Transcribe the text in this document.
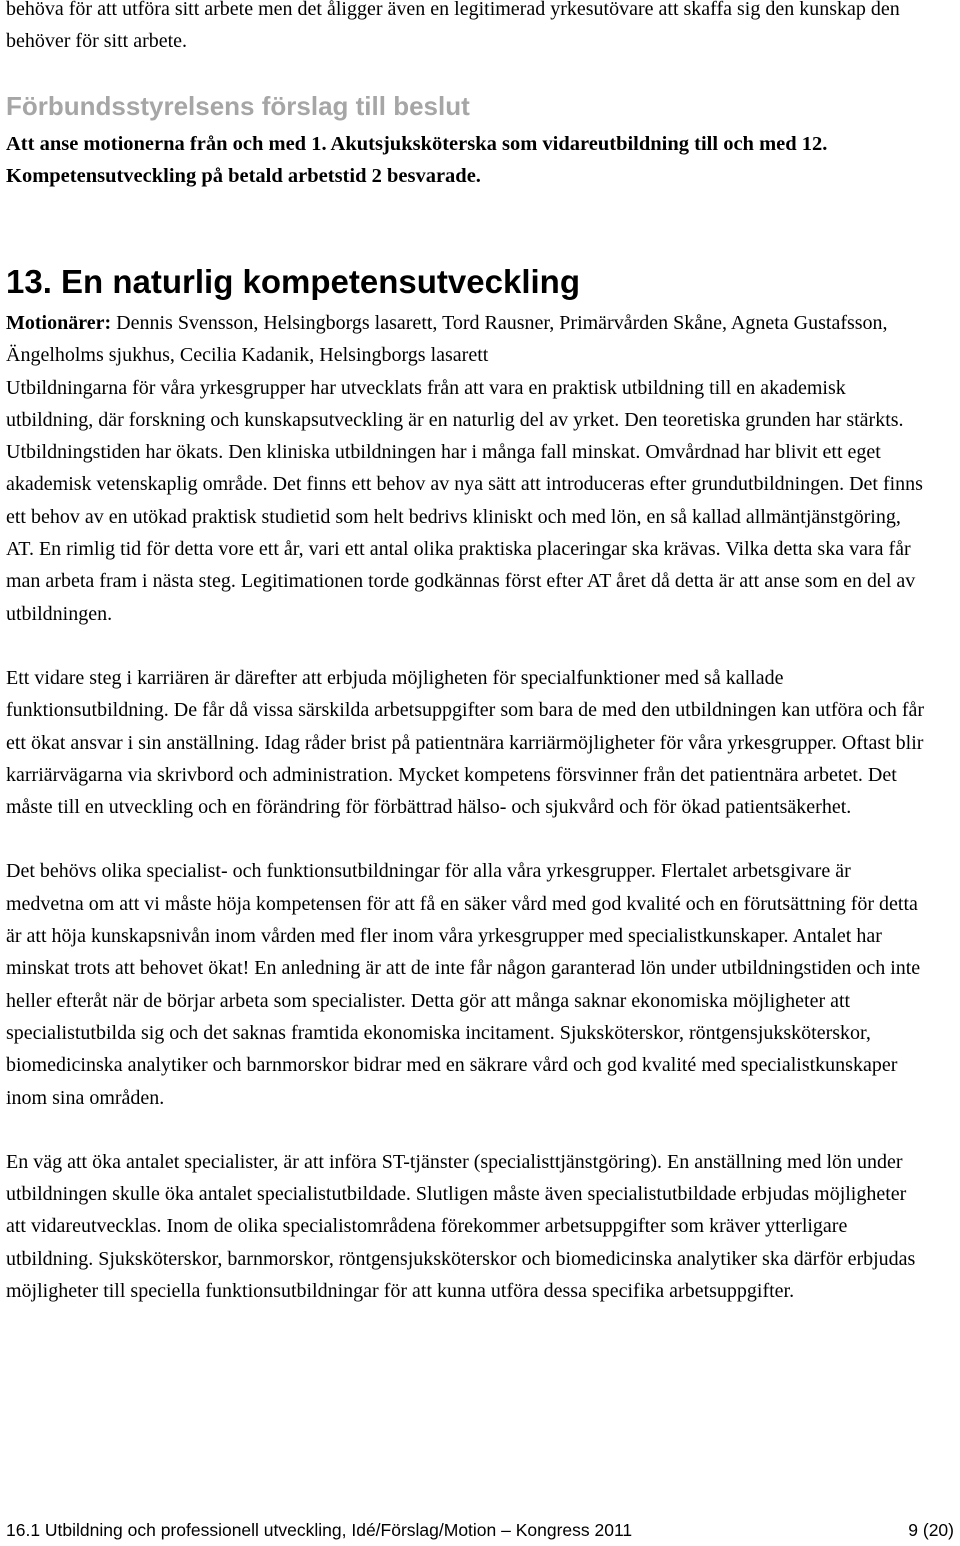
behöva för att utföra sitt arbete men det åligger även en legitimerad yrkesutövare att skaffa sig den kunskap den behöver för sitt arbete.
Förbundsstyrelsens förslag till beslut
Att anse motionerna från och med 1. Akutsjuksköterska som vidareutbildning till och med 12. Kompetensutveckling på betald arbetstid 2 besvarade.
13. En naturlig kompetensutveckling

Motionärer: Dennis Svensson, Helsingborgs lasarett, Tord Rausner, Primärvården Skåne, Agneta Gustafsson, Ängelholms sjukhus, Cecilia Kadanik, Helsingborgs lasarett

Utbildningarna för våra yrkesgrupper har utvecklats från att vara en praktisk utbildning till en akademisk utbildning, där forskning och kunskapsutveckling är en naturlig del av yrket. Den teoretiska grunden har stärkts. Utbildningstiden har ökats. Den kliniska utbildningen har i många fall minskat. Omvårdnad har blivit ett eget akademisk vetenskaplig område. Det finns ett behov av nya sätt att introduceras efter grundutbildningen. Det finns ett behov av en utökad praktisk studietid som helt bedrivs kliniskt och med lön, en så kallad allmäntjänstgöring, AT. En rimlig tid för detta vore ett år, vari ett antal olika praktiska placeringar ska krävas. Vilka detta ska vara får man arbeta fram i nästa steg. Legitimationen torde godkännas först efter AT året då detta är att anse som en del av utbildningen.

Ett vidare steg i karriären är därefter att erbjuda möjligheten för specialfunktioner med så kallade funktionsutbildning. De får då vissa särskilda arbetsuppgifter som bara de med den utbildningen kan utföra och får ett ökat ansvar i sin anställning. Idag råder brist på patientnära karriärmöjligheter för våra yrkesgrupper. Oftast blir karriärvägarna via skrivbord och administration. Mycket kompetens försvinner från det patientnära arbetet. Det måste till en utveckling och en förändring för förbättrad hälso- och sjukvård och för ökad patientsäkerhet.

Det behövs olika specialist- och funktionsutbildningar för alla våra yrkesgrupper. Flertalet arbetsgivare är medvetna om att vi måste höja kompetensen för att få en säker vård med god kvalité och en förutsättning för detta är att höja kunskapsnivån inom vården med fler inom våra yrkesgrupper med specialistkunskaper. Antalet har minskat trots att behovet ökat! En anledning är att de inte får någon garanterad lön under utbildningstiden och inte heller efteråt när de börjar arbeta som specialister. Detta gör att många saknar ekonomiska möjligheter att specialistutbilda sig och det saknas framtida ekonomiska incitament. Sjuksköterskor, röntgensjuksköterskor, biomedicinska analytiker och barnmorskor bidrar med en säkrare vård och god kvalité med specialistkunskaper inom sina områden.

En väg att öka antalet specialister, är att införa ST-tjänster (specialisttjänstgöring). En anställning med lön under utbildningen skulle öka antalet specialistutbildade. Slutligen måste även specialistutbildade erbjudas möjligheter att vidareutvecklas. Inom de olika specialistområdena förekommer arbetsuppgifter som kräver ytterligare utbildning. Sjuksköterskor, barnmorskor, röntgensjuksköterskor och biomedicinska analytiker ska därför erbjudas möjligheter till speciella funktionsutbildningar för att kunna utföra dessa specifika arbetsuppgifter.

16.1 Utbildning och professionell utveckling, Idé/Förslag/Motion – Kongress 2011	9 (20)
